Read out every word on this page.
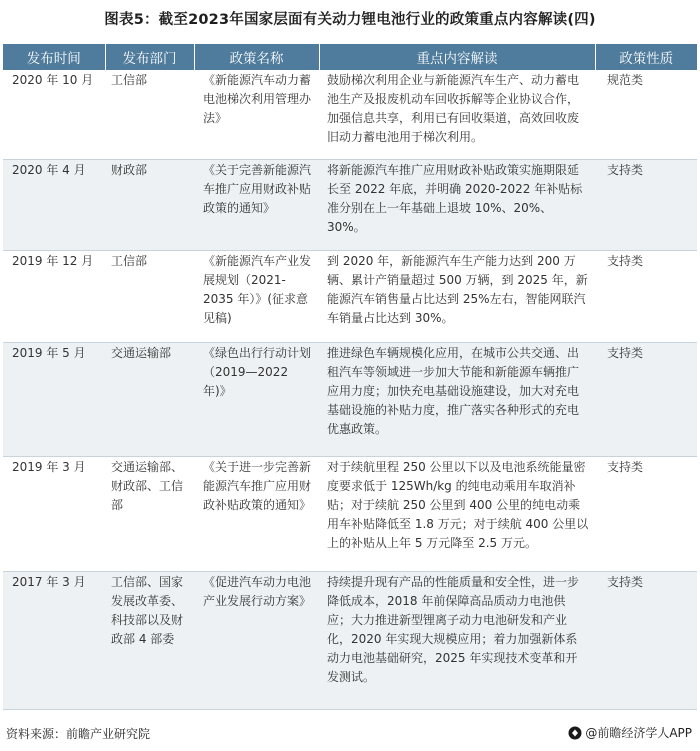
图表5：截至2023年国家层面有关动力锂电池行业的政策重点内容解读(四)
发布时间	发布部门	政策名称	重点内容解读	政策性质
2020 年 10 月	工信部	《新能源汽车动力蓄电池梯次利用管理办法》	鼓励梯次利用企业与新能源汽车生产、动力蓄电池生产及报废机动车回收拆解等企业协议合作，加强信息共享，利用已有回收渠道，高效回收废旧动力蓄电池用于梯次利用。	规范类
2020 年 4 月	财政部	《关于完善新能源汽车推广应用财政补贴政策的通知》	将新能源汽车推广应用财政补贴政策实施期限延长至 2022 年底，并明确 2020-2022 年补贴标准分别在上一年基础上退坡 10%、20%、30%。	支持类
2019 年 12 月	工信部	《新能源汽车产业发展规划（2021-2035 年）》(征求意见稿)	到 2020 年，新能源汽车生产能力达到 200 万辆、累计产销量超过 500 万辆，到 2025 年，新能源汽车销售量占比达到 25%左右，智能网联汽车销量占比达到 30%。	支持类
2019 年 5 月	交通运输部	《绿色出行行动计划（2019—2022 年)》	推进绿色车辆规模化应用，在城市公共交通、出租汽车等领域进一步加大节能和新能源车辆推广应用力度；加快充电基础设施建设，加大对充电基础设施的补贴力度，推广落实各种形式的充电优惠政策。	支持类
2019 年 3 月	交通运输部、财政部、工信部	《关于进一步完善新能源汽车推广应用财政补贴政策的通知》	对于续航里程 250 公里以下以及电池系统能量密度要求低于 125Wh/kg 的纯电动乘用车取消补贴；对于续航 250 公里到 400 公里的纯电动乘用车补贴降低至 1.8 万元；对于续航 400 公里以上的补贴从上年 5 万元降至 2.5 万元。	支持类
2017 年 3 月	工信部、国家发展改革委、科技部以及财政部 4 部委	《促进汽车动力电池产业发展行动方案》	持续提升现有产品的性能质量和安全性，进一步降低成本，2018 年前保障高品质动力电池供应；大力推进新型锂离子动力电池研发和产业化，2020 年实现大规模应用；着力加强新体系动力电池基础研究，2025 年实现技术变革和开发测试。	支持类
资料来源：前瞻产业研究院	@前瞻经济学人APP
